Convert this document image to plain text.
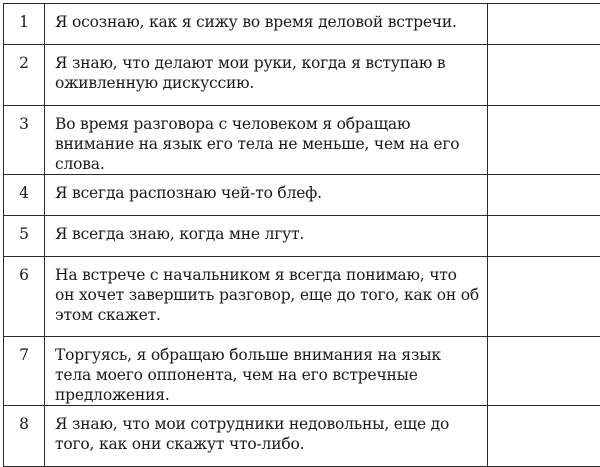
1	Я осознаю, как я сижу во время деловой встречи.	
2	Я знаю, что делают мои руки, когда я вступаю в оживленную дискуссию.	
3	Во время разговора с человеком я обращаю внимание на язык его тела не меньше, чем на его слова.	
4	Я всегда распознаю чей-то блеф.	
5	Я всегда знаю, когда мне лгут.	
6	На встрече с начальником я всегда понимаю, что он хочет завершить разговор, еще до того, как он об этом скажет.	
7	Торгуясь, я обращаю больше внимания на язык тела моего оппонента, чем на его встречные предложения.	
8	Я знаю, что мои сотрудники недовольны, еще до того, как они скажут что-либо.	
